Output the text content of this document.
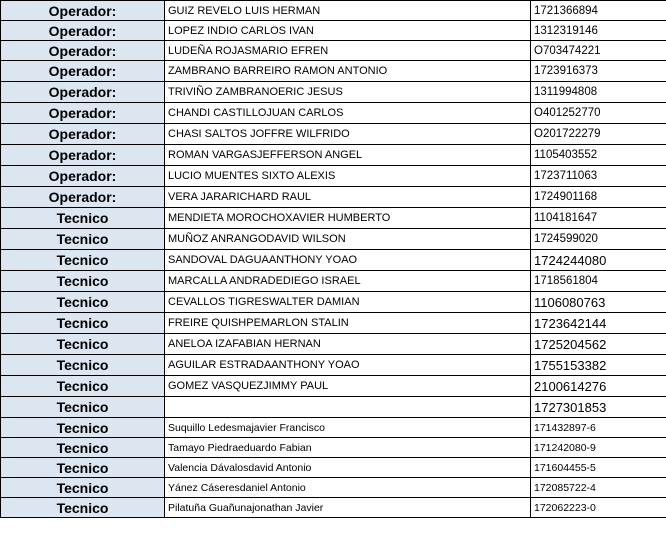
Operador:	GUIZ REVELO LUIS HERMAN	1721366894	
Operador:	LOPEZ INDIO CARLOS IVAN	1312319146	
Operador:	LUDEÑA ROJASMARIO EFREN	O703474221	
Operador:	ZAMBRANO BARREIRO RAMON ANTONIO	1723916373	
Operador:	TRIVIÑO ZAMBRANOERIC JESUS	1311994808	
Operador:	CHANDI CASTILLOJUAN CARLOS	O401252770	
Operador:	CHASI SALTOS JOFFRE WILFRIDO	O201722279	
Operador:	ROMAN VARGASJEFFERSON ANGEL	1105403552	
Operador:	LUCIO MUENTES SIXTO ALEXIS	1723711063	
Operador:	VERA JARARICHARD RAUL	1724901168	
Tecnico	MENDIETA MOROCHOXAVIER HUMBERTO	1104181647	
Tecnico	MUÑOZ ANRANGODAVID WILSON	1724599020	
Tecnico	SANDOVAL DAGUAANTHONY YOAO	1724244080	
Tecnico	MARCALLA ANDRADEDIEGO ISRAEL	1718561804	
Tecnico	CEVALLOS TIGRESWALTER DAMIAN	1106080763	
Tecnico	FREIRE QUISHPEMARLON STALIN	1723642144	
Tecnico	ANELOA IZAFABIAN HERNAN	1725204562	
Tecnico	AGUILAR ESTRADAANTHONY YOAO	1755153382	
Tecnico	GOMEZ VASQUEZJIMMY PAUL	2100614276	
Tecnico		1727301853	
Tecnico	Suquillo Ledesmajavier Francisco	171432897-6	
Tecnico	Tamayo Piedraeduardo Fabian	171242080-9	
Tecnico	Valencia Dávalosdavid Antonio	171604455-5	
Tecnico	Yánez Cáseresdaniel Antonio	172085722-4	
Tecnico	Pilatuña Guañunajonathan Javier	172062223-0	
